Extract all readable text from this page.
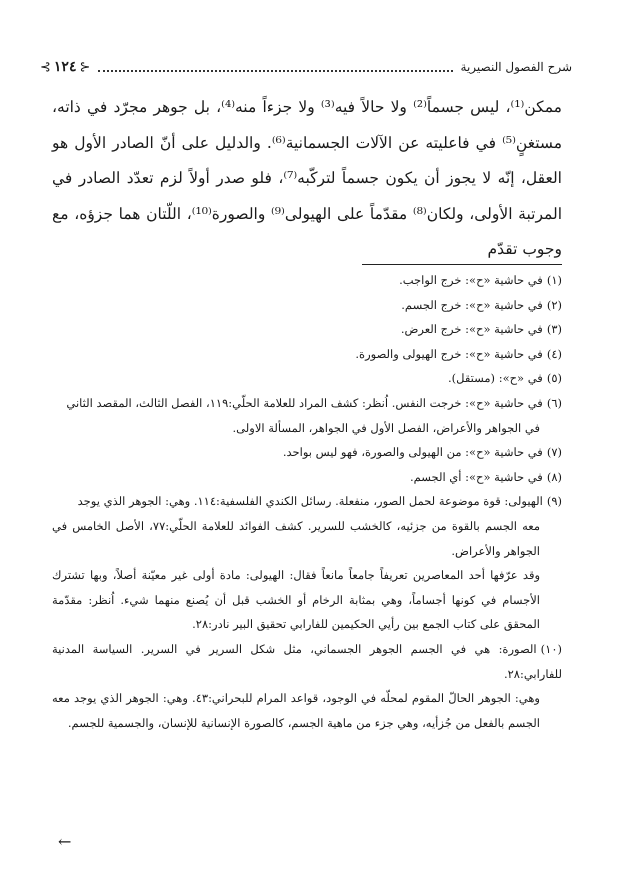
شرح الفصول النصيرية
⊰ ١٢٤ ⊱

ممكن⁽¹⁾، ليس جسماً⁽²⁾ ولا حالاً فيه⁽³⁾ ولا جزءاً منه⁽⁴⁾، بل جوهر مجرّد في ذاته، مستغنٍ⁽⁵⁾ في فاعليته عن الآلات الجسمانية⁽⁶⁾. والدليل على أنّ الصادر الأول هو العقل، إنّه لا يجوز أن يكون جسماً لتركّبه⁽⁷⁾، فلو صدر أولاً لزم تعدّد الصادر في المرتبة الأولى، ولكان⁽⁸⁾ مقدّماً على الهيولى⁽⁹⁾ والصورة⁽¹⁰⁾، اللّتان هما جزؤه، مع وجوب تقدّم

(١)في حاشية «ح»: خرج الواجب.

(٢)في حاشية «ح»: خرج الجسم.

(٣)في حاشية «ح»: خرج العرض.

(٤)في حاشية «ح»: خرج الهيولى والصورة.

(٥)في «ح»: (مستقل).

(٦)في حاشية «ح»: خرجت النفس. اُنظر: كشف المراد للعلامة الحلّي:١١٩، الفصل الثالث، المقصد الثاني
في الجواهر والأعراض، الفصل الأول في الجواهر، المسألة الاولى.

(٧)في حاشية «ح»: من الهيولى والصورة، فهو ليس بواحد.

(٨)في حاشية «ح»: أي الجسم.

(٩)الهيولى: قوة موضوعة لحمل الصور، منفعلة. رسائل الكندي الفلسفية:١١٤. وهي: الجوهر الذي يوجد
معه الجسم بالقوة من جزئيه، كالخشب للسرير. كشف الفوائد للعلامة الحلّي:٧٧، الأصل الخامس في الجواهر والأعراض.

وقد عرّفها أحد المعاصرين تعريفاً جامعاً مانعاً فقال: الهيولى: مادة أولى غير معيّنة أصلاً، وبها تشترك الأجسام في كونها أجساماً، وهي بمثابة الرخام أو الخشب قبل أن يُصنع منهما شيء. اُنظر: مقدّمة المحقق على كتاب الجمع بين رأيي الحكيمين للفارابي تحقيق البير نادر:٢٨.

(١٠)الصورة: هي في الجسم الجوهر الجسماني، مثل شكل السرير في السرير. السياسة المدنية للفارابي:٢٨.
وهي: الجوهر الحالّ المقوم لمحلّه في الوجود، قواعد المرام للبحراني:٤٣. وهي: الجوهر الذي يوجد معه الجسم بالفعل من جُزأيه، وهي جزء من ماهية الجسم، كالصورة الإنسانية للإنسان، والجسمية للجسم.

←
